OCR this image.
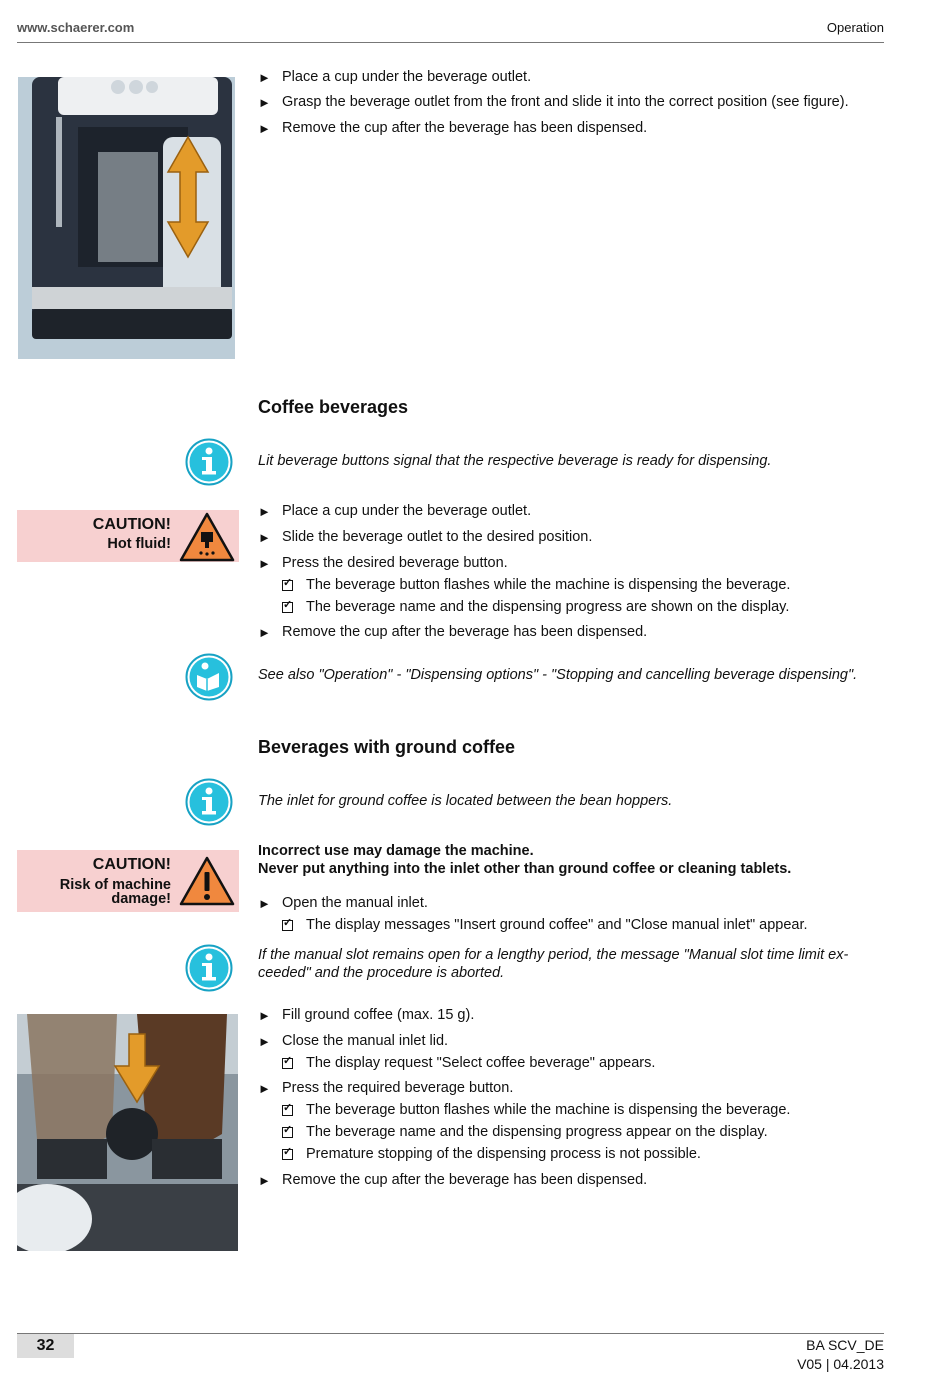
www.schaerer.com	Operation
► Place a cup under the beverage outlet.
► Grasp the beverage outlet from the front and slide it into the correct position (see figure).
► Remove the cup after the beverage has been dispensed.
Coffee beverages
Lit beverage buttons signal that the respective beverage is ready for dispensing.
CAUTION!
Hot fluid!
► Place a cup under the beverage outlet.
► Slide the beverage outlet to the desired position.
► Press the desired beverage button.
The beverage button flashes while the machine is dispensing the beverage. ✓
The beverage name and the dispensing progress are shown on the display. ✓
► Remove the cup after the beverage has been dispensed.
See also "Operation" - "Dispensing options" - "Stopping and cancelling beverage dispensing".
Beverages with ground coffee
The inlet for ground coffee is located between the bean hoppers.
CAUTION!
Risk of machine
damage!
Incorrect use may damage the machine.
Never put anything into the inlet other than ground coffee or cleaning tablets.
► Open the manual inlet.
The display messages "Insert ground coffee" and "Close manual inlet" appear. ✓
If the manual slot remains open for a lengthy period, the message "Manual slot time limit ex-
ceeded" and the procedure is aborted.
► Fill ground coffee (max. 15 g).
► Close the manual inlet lid.
The display request "Select coffee beverage" appears. ✓
► Press the required beverage button.
The beverage button flashes while the machine is dispensing the beverage. ✓
The beverage name and the dispensing progress appear on the display. ✓
Premature stopping of the dispensing process is not possible. ✓
► Remove the cup after the beverage has been dispensed.
32	BA SCV_DE
V05 | 04.2013
